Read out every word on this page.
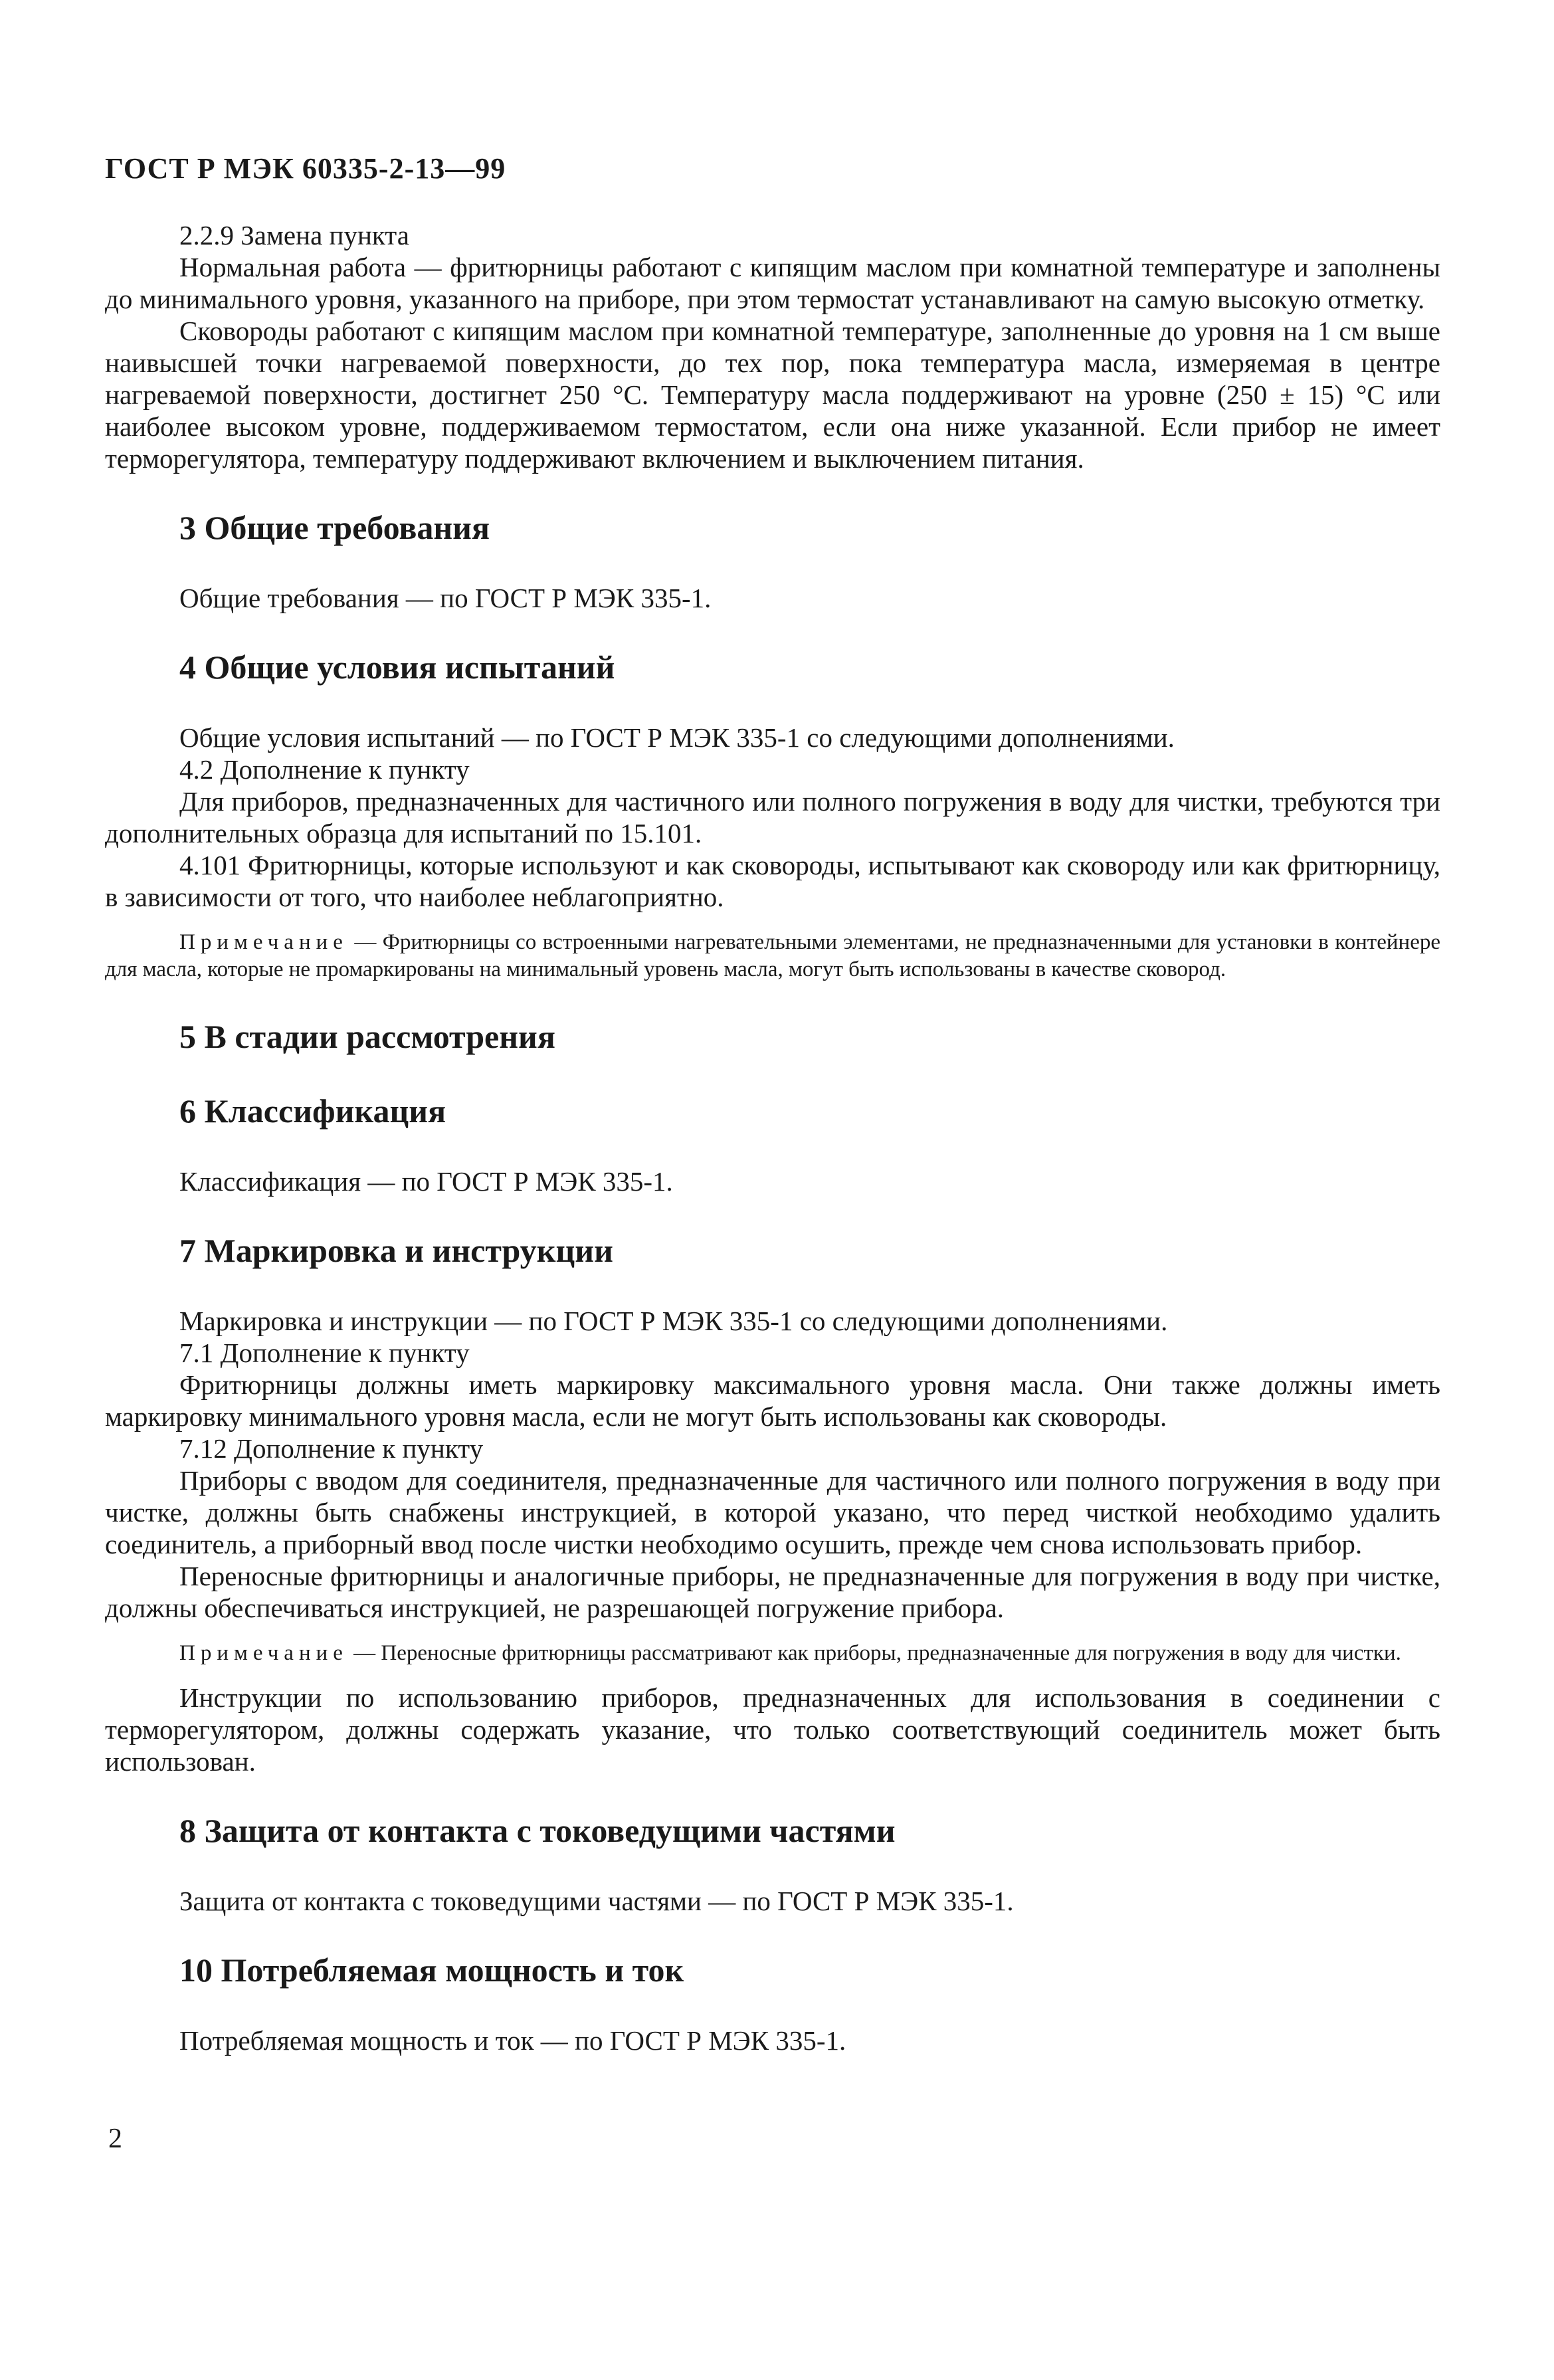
ГОСТ Р МЭК 60335-2-13—99

2.2.9 Замена пункта

Нормальная работа — фритюрницы работают с кипящим маслом при комнатной температуре и заполнены до минимального уровня, указанного на приборе, при этом термостат устанавливают на самую высокую отметку.

Сковороды работают с кипящим маслом при комнатной температуре, заполненные до уровня на 1 см выше наивысшей точки нагреваемой поверхности, до тех пор, пока температура масла, измеряемая в центре нагреваемой поверхности, достигнет 250 °С. Температуру масла поддерживают на уровне (250 ± 15) °С или наиболее высоком уровне, поддерживаемом термостатом, если она ниже указанной. Если прибор не имеет терморегулятора, температуру поддерживают включением и выключением питания.

3 Общие требования

Общие требования — по ГОСТ Р МЭК 335-1.

4 Общие условия испытаний

Общие условия испытаний — по ГОСТ Р МЭК 335-1 со следующими дополнениями.

4.2 Дополнение к пункту

Для приборов, предназначенных для частичного или полного погружения в воду для чистки, требуются три дополнительных образца для испытаний по 15.101.

4.101 Фритюрницы, которые используют и как сковороды, испытывают как сковороду или как фритюрницу, в зависимости от того, что наиболее неблагоприятно.

Примечание — Фритюрницы со встроенными нагревательными элементами, не предназначенными для установки в контейнере для масла, которые не промаркированы на минимальный уровень масла, могут быть использованы в качестве сковород.

5 В стадии рассмотрения
6 Классификация

Классификация — по ГОСТ Р МЭК 335-1.

7 Маркировка и инструкции

Маркировка и инструкции — по ГОСТ Р МЭК 335-1 со следующими дополнениями.

7.1 Дополнение к пункту

Фритюрницы должны иметь маркировку максимального уровня масла. Они также должны иметь маркировку минимального уровня масла, если не могут быть использованы как сковороды.

7.12 Дополнение к пункту

Приборы с вводом для соединителя, предназначенные для частичного или полного погружения в воду при чистке, должны быть снабжены инструкцией, в которой указано, что перед чисткой необходимо удалить соединитель, а приборный ввод после чистки необходимо осушить, прежде чем снова использовать прибор.

Переносные фритюрницы и аналогичные приборы, не предназначенные для погружения в воду при чистке, должны обеспечиваться инструкцией, не разрешающей погружение прибора.

Примечание — Переносные фритюрницы рассматривают как приборы, предназначенные для погружения в воду для чистки.

Инструкции по использованию приборов, предназначенных для использования в соединении с терморегулятором, должны содержать указание, что только соответствующий соединитель может быть использован.

8 Защита от контакта с токоведущими частями

Защита от контакта с токоведущими частями — по ГОСТ Р МЭК 335-1.

10 Потребляемая мощность и ток

Потребляемая мощность и ток — по ГОСТ Р МЭК 335-1.

2
